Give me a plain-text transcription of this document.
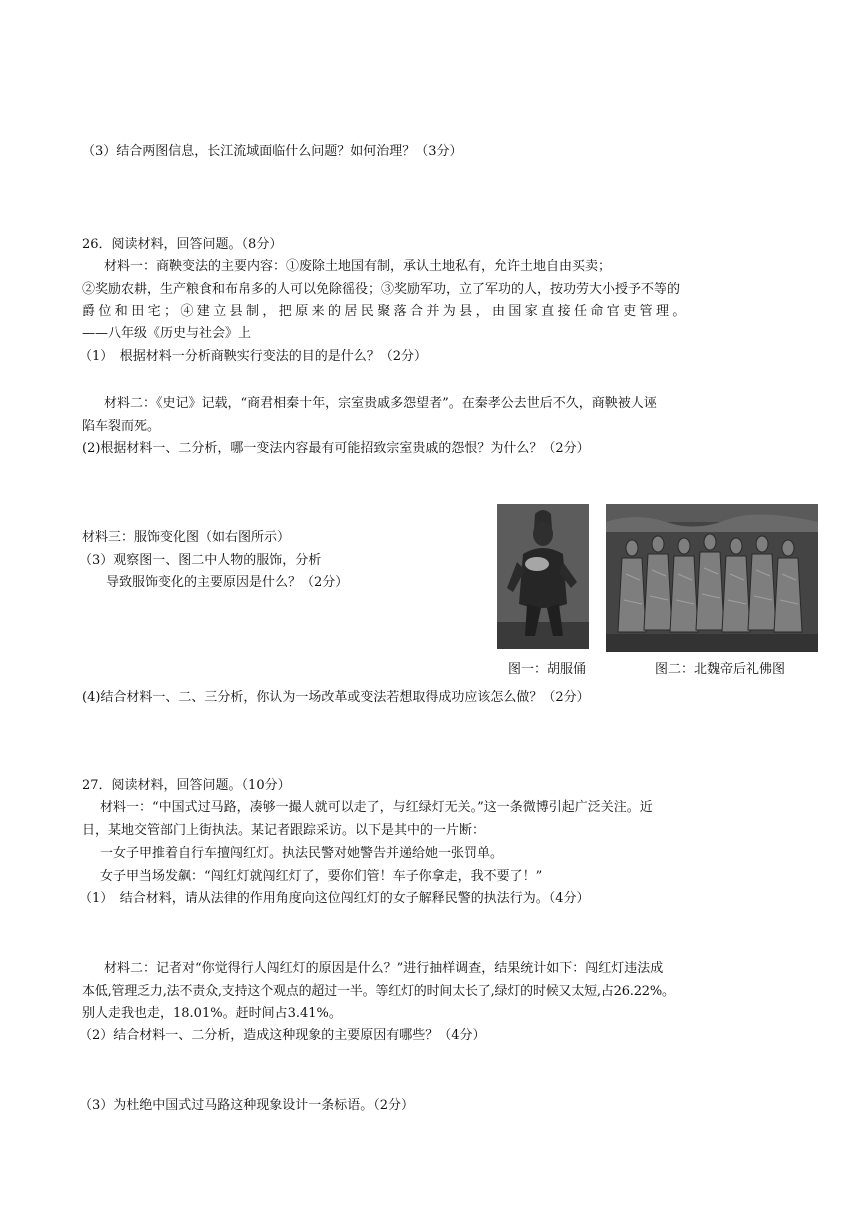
（3）结合两图信息，长江流域面临什么问题？如何治理？（3分）
26．阅读材料，回答问题。（8分）
材料一：商鞅变法的主要内容：①废除土地国有制，承认土地私有，允许土地自由买卖；
②奖励农耕，生产粮食和布帛多的人可以免除徭役；③奖励军功，立了军功的人，按功劳大小授予不等的
爵位和田宅；④建立县制，把原来的居民聚落合并为县，由国家直接任命官吏管理。
——八年级《历史与社会》上
（1）　根据材料一分析商鞅实行变法的目的是什么？（2分）
材料二：《史记》记载，“商君相秦十年，宗室贵戚多怨望者”。在秦孝公去世后不久，商鞅被人诬
陷车裂而死。
(2)根据材料一、二分析，哪一变法内容最有可能招致宗室贵戚的怨恨？为什么？（2分）
材料三：服饰变化图（如右图所示）
（3）观察图一、图二中人物的服饰，分析
导致服饰变化的主要原因是什么？（2分）
图一：胡服俑	图二：北魏帝后礼佛图
(4)结合材料一、二、三分析，你认为一场改革或变法若想取得成功应该怎么做？（2分）
27．阅读材料，回答问题。（10分）
材料一：“中国式过马路，凑够一撮人就可以走了，与红绿灯无关。”这一条微博引起广泛关注。近
日，某地交管部门上街执法。某记者跟踪采访。以下是其中的一片断：
一女子甲推着自行车擅闯红灯。执法民警对她警告并递给她一张罚单。
女子甲当场发飙：“闯红灯就闯红灯了，要你们管！车子你拿走，我不要了！”
（1）　结合材料，请从法律的作用角度向这位闯红灯的女子解释民警的执法行为。（4分）
材料二：记者对“你觉得行人闯红灯的原因是什么？”进行抽样调查，结果统计如下：闯红灯违法成
本低,管理乏力,法不责众,支持这个观点的超过一半。等红灯的时间太长了,绿灯的时候又太短,占26.22%。
别人走我也走，18.01%。赶时间占3.41%。
（2）结合材料一、二分析，造成这种现象的主要原因有哪些？（4分）
（3）为杜绝中国式过马路这种现象设计一条标语。（2分）
